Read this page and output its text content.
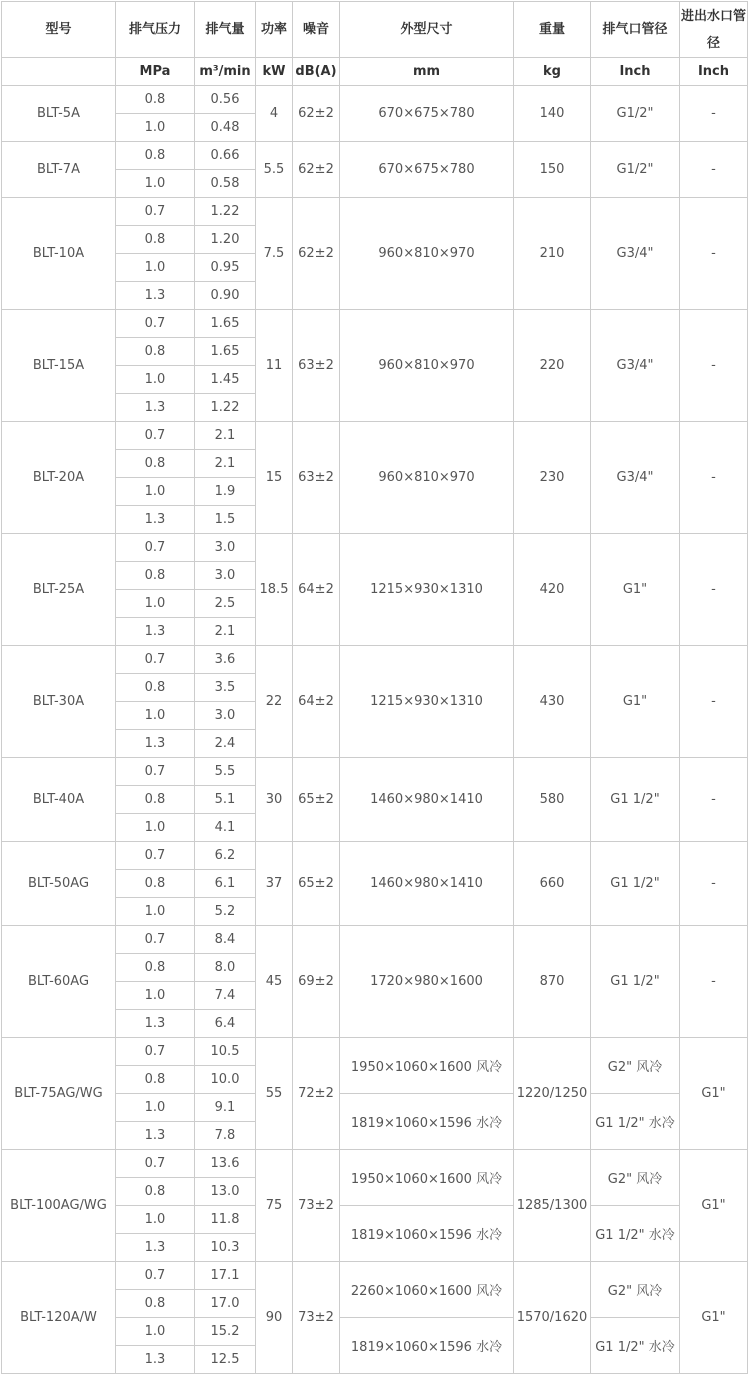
型号	排气压力	排气量	功率	噪音	外型尺寸	重量	排气口管径	进出水口管径
	MPa	m³/min	kW	dB(A)	mm	kg	Inch	Inch
BLT-5A	0.8	0.56	4	62±2	670×675×780	140	G1/2"	-
	1.0	0.48						
BLT-7A	0.8	0.66	5.5	62±2	670×675×780	150	G1/2"	-
	1.0	0.58						
BLT-10A	0.7	1.22	7.5	62±2	960×810×970	210	G3/4"	-
	0.8	1.20						
	1.0	0.95						
	1.3	0.90						
BLT-15A	0.7	1.65	11	63±2	960×810×970	220	G3/4"	-
	0.8	1.65						
	1.0	1.45						
	1.3	1.22						
BLT-20A	0.7	2.1	15	63±2	960×810×970	230	G3/4"	-
	0.8	2.1						
	1.0	1.9						
	1.3	1.5						
BLT-25A	0.7	3.0	18.5	64±2	1215×930×1310	420	G1"	-
	0.8	3.0						
	1.0	2.5						
	1.3	2.1						
BLT-30A	0.7	3.6	22	64±2	1215×930×1310	430	G1"	-
	0.8	3.5						
	1.0	3.0						
	1.3	2.4						
BLT-40A	0.7	5.5	30	65±2	1460×980×1410	580	G1 1/2"	-
	0.8	5.1						
	1.0	4.1						
BLT-50AG	0.7	6.2	37	65±2	1460×980×1410	660	G1 1/2"	-
	0.8	6.1						
	1.0	5.2						
BLT-60AG	0.7	8.4	45	69±2	1720×980×1600	870	G1 1/2"	-
	0.8	8.0						
	1.0	7.4						
	1.3	6.4						
BLT-75AG/WG	0.7	10.5	55	72±2	1950×1060×1600 风冷	1220/1250	G2" 风冷	G1"
	0.8	10.0						
	1.0	9.1			1819×1060×1596 水冷		G1 1/2" 水冷	
	1.3	7.8						
BLT-100AG/WG	0.7	13.6	75	73±2	1950×1060×1600 风冷	1285/1300	G2" 风冷	G1"
	0.8	13.0						
	1.0	11.8			1819×1060×1596 水冷		G1 1/2" 水冷	
	1.3	10.3						
BLT-120A/W	0.7	17.1	90	73±2	2260×1060×1600 风冷	1570/1620	G2" 风冷	G1"
	0.8	17.0						
	1.0	15.2			1819×1060×1596 水冷		G1 1/2" 水冷	
	1.3	12.5						
